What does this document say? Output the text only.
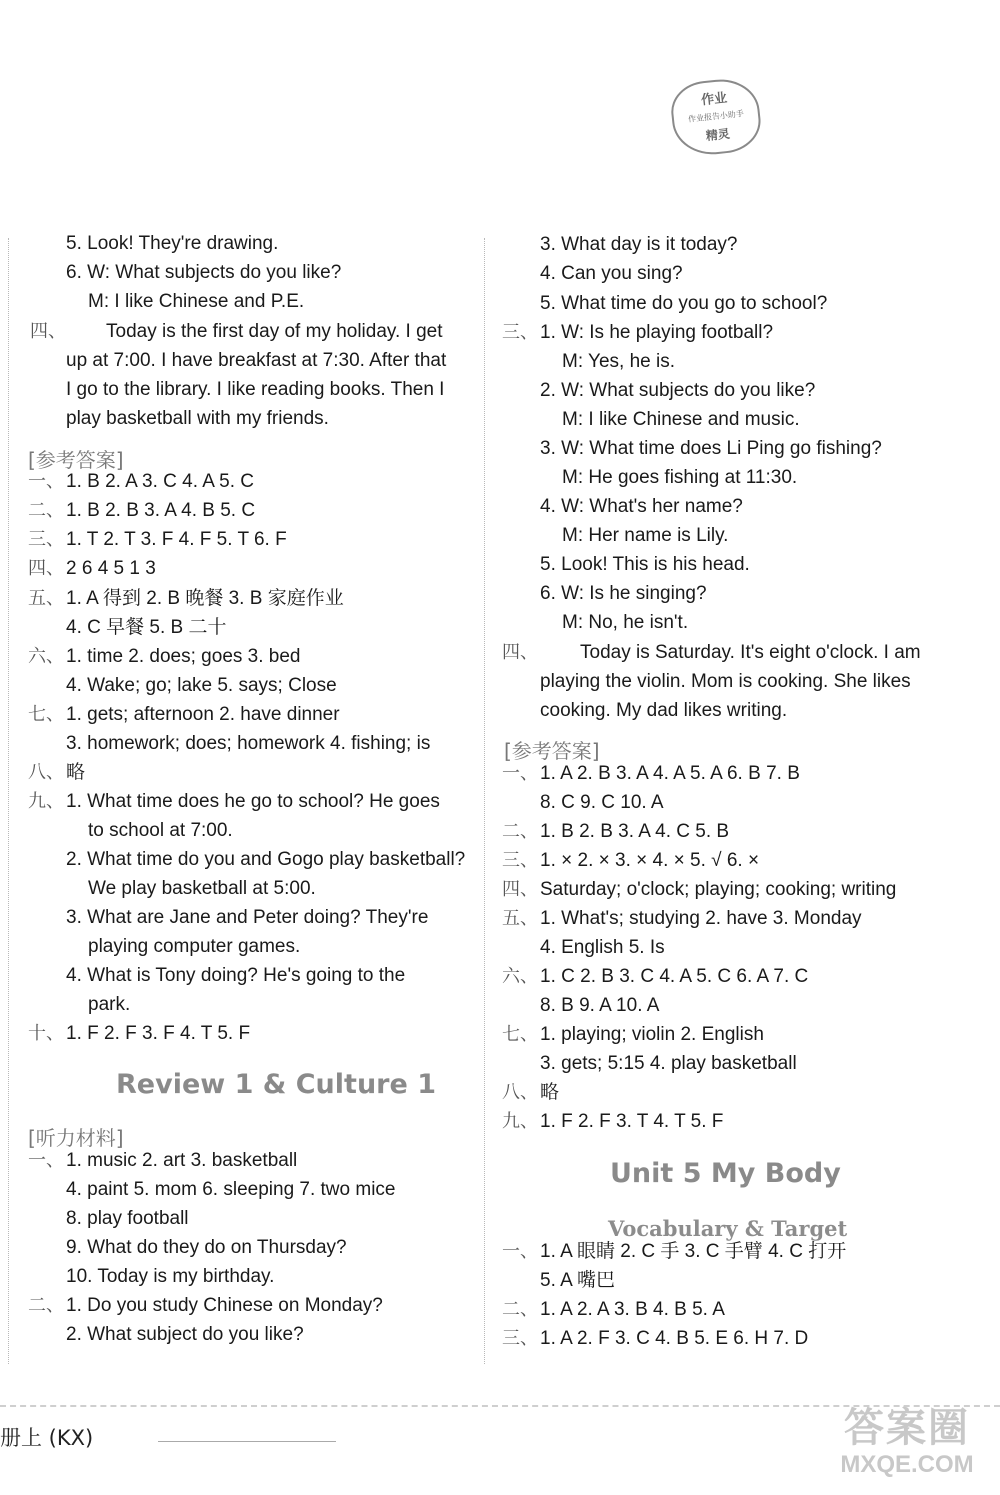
作业
作业报告小助手
精灵
5. Look! They're drawing.
6. W: What subjects do you like?
M: I like Chinese and P.E.
四、 Today is the first day of my holiday. I get
up at 7:00. I have breakfast at 7:30. After that
I go to the library. I like reading books. Then I
play basketball with my friends.
[参考答案]
一、 1. B 2. A 3. C 4. A 5. C
二、 1. B 2. B 3. A 4. B 5. C
三、 1. T 2. T 3. F 4. F 5. T 6. F
四、 2 6 4 5 1 3
五、 1. A 得到 2. B 晚餐 3. B 家庭作业
4. C 早餐 5. B 二十
六、 1. time 2. does; goes 3. bed
4. Wake; go; lake 5. says; Close
七、 1. gets; afternoon 2. have dinner
3. homework; does; homework 4. fishing; is
八、 略
九、 1. What time does he go to school? He goes
to school at 7:00.
2. What time do you and Gogo play basketball?
We play basketball at 5:00.
3. What are Jane and Peter doing? They're
playing computer games.
4. What is Tony doing? He's going to the
park.
十、 1. F 2. F 3. F 4. T 5. F
Review 1 & Culture 1
[听力材料]
一、 1. music 2. art 3. basketball
4. paint 5. mom 6. sleeping 7. two mice
8. play football
9. What do they do on Thursday?
10. Today is my birthday.
二、 1. Do you study Chinese on Monday?
2. What subject do you like?
3. What day is it today?
4. Can you sing?
5. What time do you go to school?
三、 1. W: Is he playing football?
M: Yes, he is.
2. W: What subjects do you like?
M: I like Chinese and music.
3. W: What time does Li Ping go fishing?
M: He goes fishing at 11:30.
4. W: What's her name?
M: Her name is Lily.
5. Look! This is his head.
6. W: Is he singing?
M: No, he isn't.
四、 Today is Saturday. It's eight o'clock. I am
playing the violin. Mom is cooking. She likes
cooking. My dad likes writing.
[参考答案]
一、 1. A 2. B 3. A 4. A 5. A 6. B 7. B
8. C 9. C 10. A
二、 1. B 2. B 3. A 4. C 5. B
三、 1. × 2. × 3. × 4. × 5. √ 6. ×
四、 Saturday; o'clock; playing; cooking; writing
五、 1. What's; studying 2. have 3. Monday
4. English 5. Is
六、 1. C 2. B 3. C 4. A 5. C 6. A 7. C
8. B 9. A 10. A
七、 1. playing; violin 2. English
3. gets; 5:15 4. play basketball
八、 略
九、 1. F 2. F 3. T 4. T 5. F
Unit 5 My Body
Vocabulary & Target
一、 1. A 眼睛 2. C 手 3. C 手臂 4. C 打开
5. A 嘴巴
二、 1. A 2. A 3. B 4. B 5. A
三、 1. A 2. F 3. C 4. B 5. E 6. H 7. D
册上 (KX)	答案圈
MXQE.COM
